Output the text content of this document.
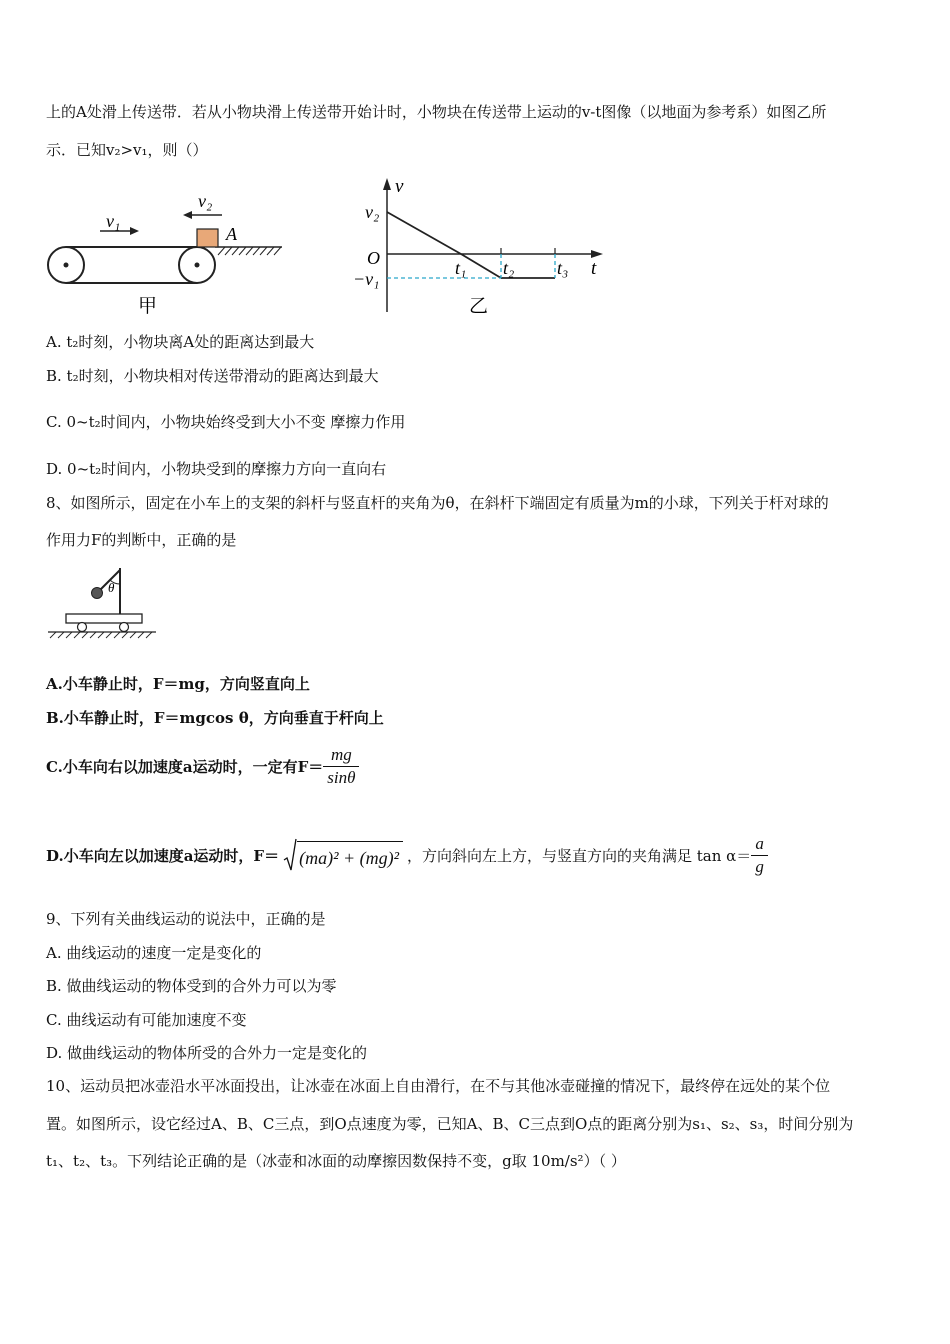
上的A处滑上传送带．若从小物块滑上传送带开始计时，小物块在传送带上运动的v-t图像（以地面为参考系）如图乙所
示．已知v₂>v₁，则（）
v₁
v₂
A
甲
v
v₂
O
−v₁
t₁ t₂ t₃ t
乙
A. t₂时刻，小物块离A处的距离达到最大
B. t₂时刻，小物块相对传送带滑动的距离达到最大
C. 0~t₂时间内，小物块始终受到大小不变 摩擦力作用
D. 0~t₂时间内，小物块受到的摩擦力方向一直向右
8、如图所示，固定在小车上的支架的斜杆与竖直杆的夹角为θ，在斜杆下端固定有质量为m的小球，下列关于杆对球的
作用力F的判断中，正确的是
θ
A.小车静止时，F＝mg，方向竖直向上
B.小车静止时，F＝mgcos θ，方向垂直于杆向上
C.小车向右以加速度a运动时，一定有$F= \frac{mg}{\sin\theta}$
D.小车向左以加速度a运动时，F＝ (ma)² + (mg)² ，方向斜向左上方，与竖直方向的夹角满足 $\tan \alpha= \frac{a}{g}$
9、下列有关曲线运动的说法中，正确的是
A. 曲线运动的速度一定是变化的
B. 做曲线运动的物体受到的合外力可以为零
C. 曲线运动有可能加速度不变
D. 做曲线运动的物体所受的合外力一定是变化的
10、运动员把冰壶沿水平冰面投出，让冰壶在冰面上自由滑行，在不与其他冰壶碰撞的情况下，最终停在远处的某个位
置。如图所示，设它经过A、B、C三点，到O点速度为零，已知A、B、C三点到O点的距离分别为s₁、s₂、s₃，时间分别为
t₁、t₂、t₃。下列结论正确的是（冰壶和冰面的动摩擦因数保持不变，g取 10m/s²）（ ）
